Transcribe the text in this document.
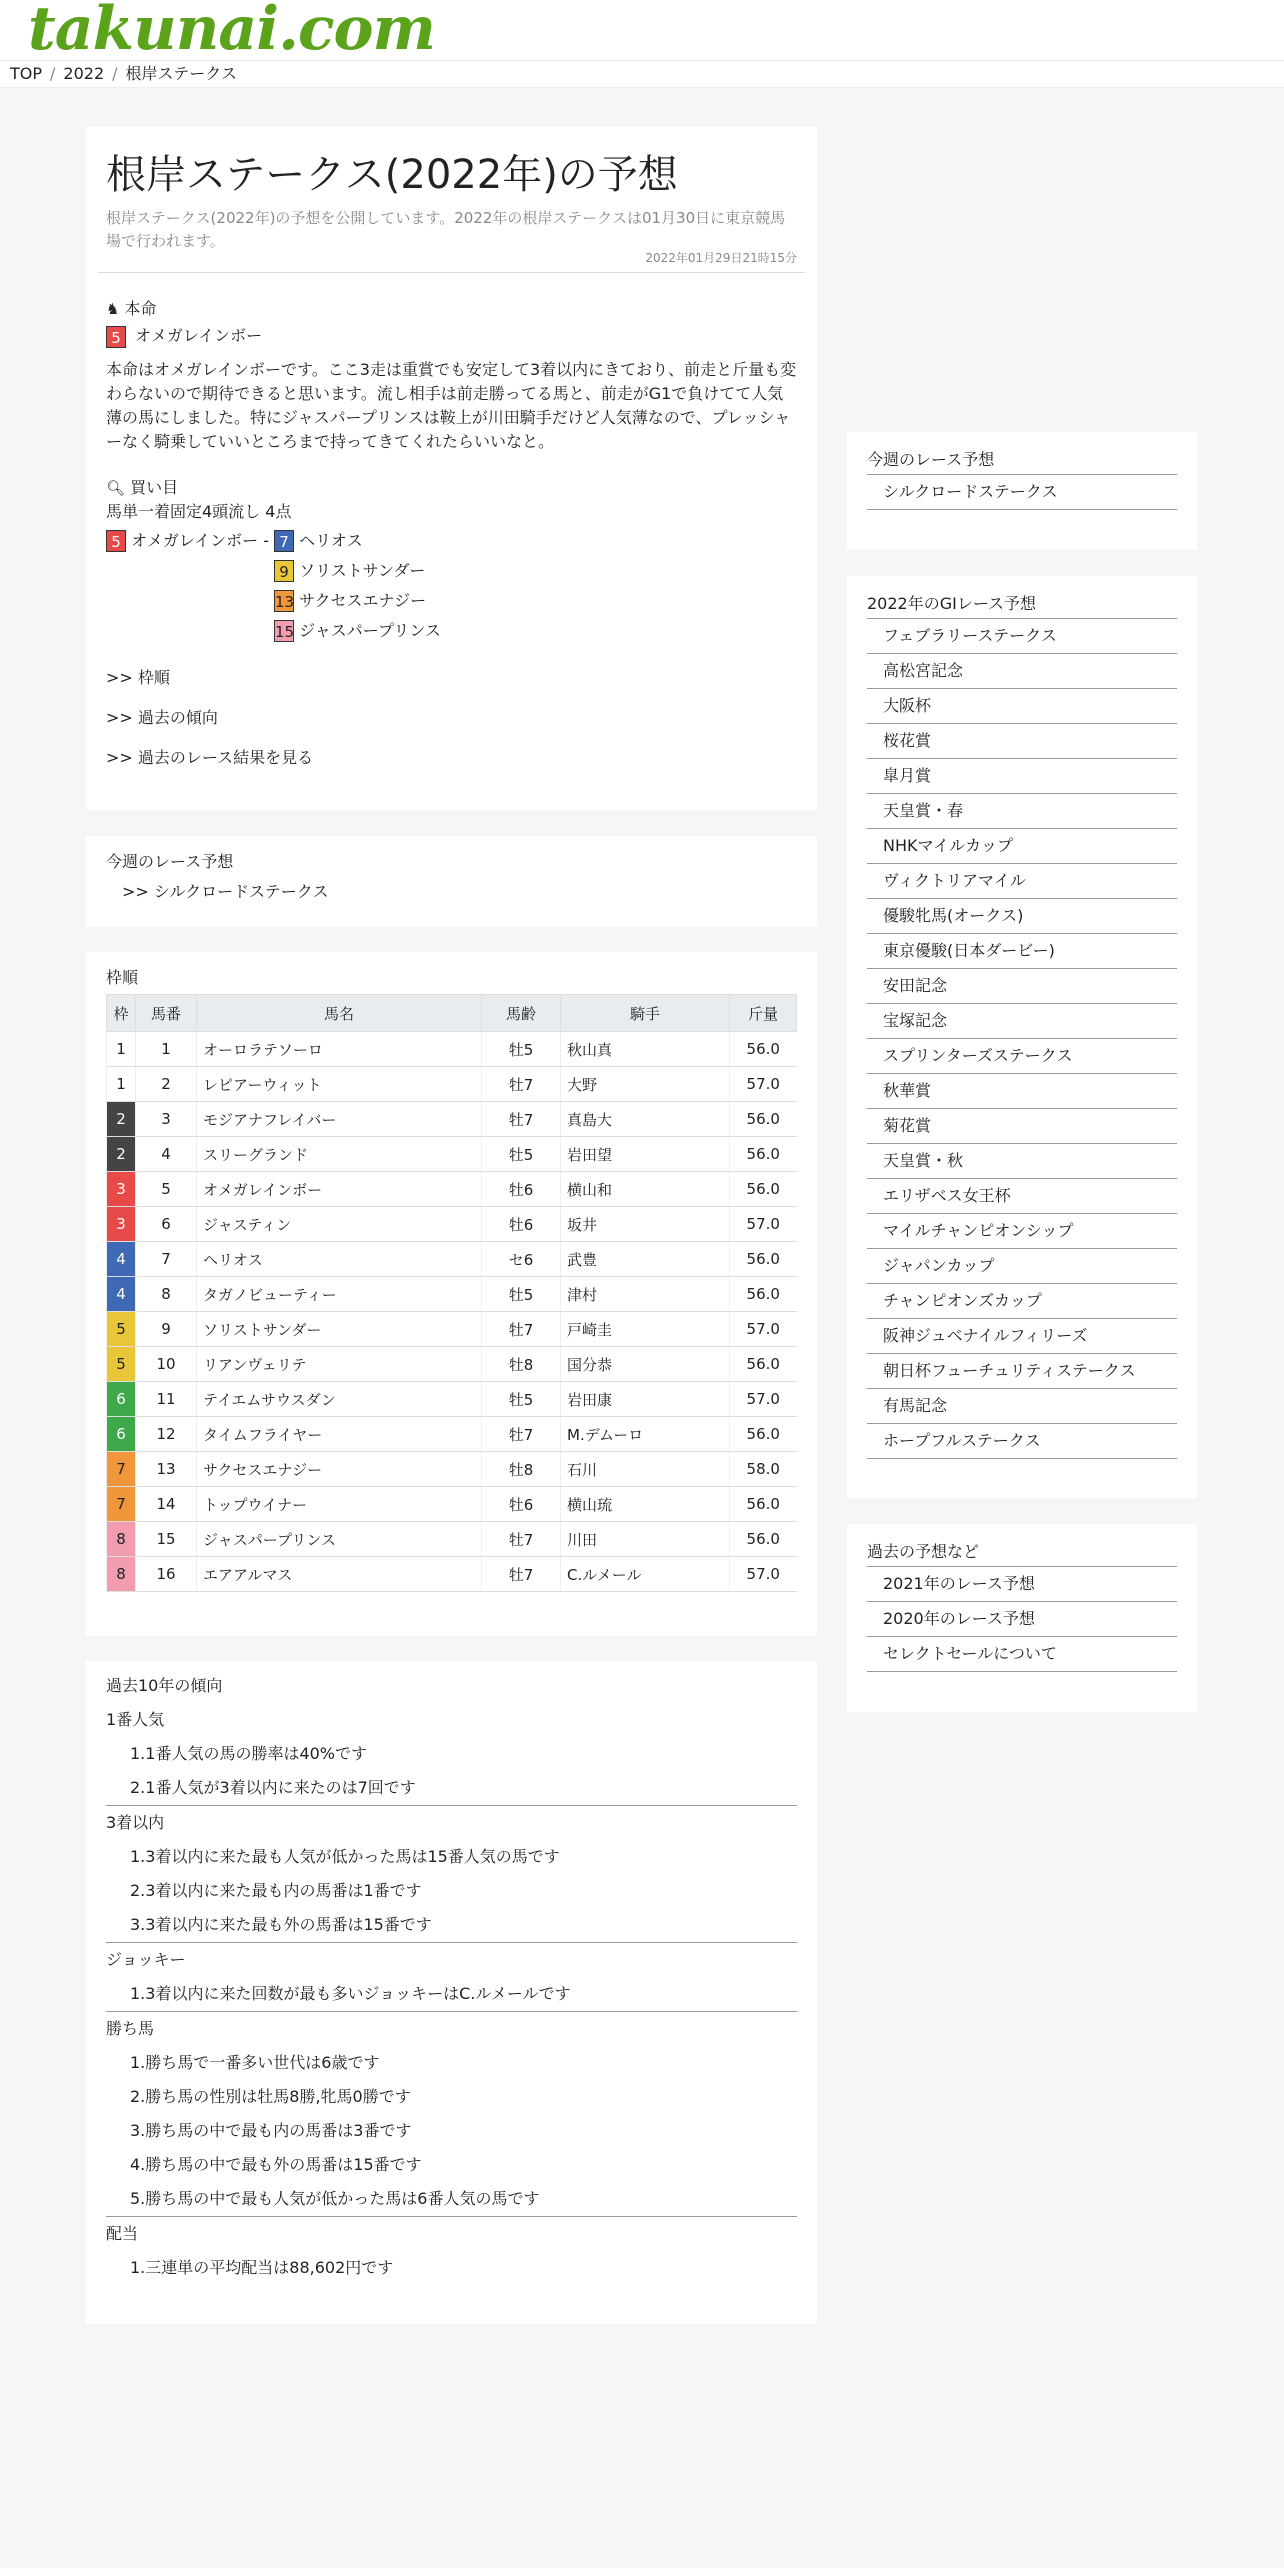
takunai.com
TOP / 2022 / 根岸ステークス
根岸ステークス(2022年)の予想
根岸ステークス(2022年)の予想を公開しています。2022年の根岸ステークスは01月30日に東京競馬場で行われます。
2022年01月29日21時15分
♞ 本命
5 オメガレインボー
本命はオメガレインボーです。ここ3走は重賞でも安定して3着以内にきており、前走と斤量も変わらないので期待できると思います。流し相手は前走勝ってる馬と、前走がG1で負けてて人気薄の馬にしました。特にジャスパープリンスは鞍上が川田騎手だけど人気薄なので、プレッシャーなく騎乗していいところまで持ってきてくれたらいいなと。
🔍︎ 買い目
馬単一着固定4頭流し 4点
5 オメガレインボー - 7 ヘリオス
9 ソリストサンダー
13 サクセスエナジー
15 ジャスパープリンス
>> 枠順
>> 過去の傾向
>> 過去のレース結果を見る
今週のレース予想
>> シルクロードステークス
枠順
枠	馬番	馬名	馬齢	騎手	斤量
1	1	オーロラテソーロ	牡5	秋山真	56.0
1	2	レピアーウィット	牡7	大野	57.0
2	3	モジアナフレイバー	牡7	真島大	56.0
2	4	スリーグランド	牡5	岩田望	56.0
3	5	オメガレインボー	牡6	横山和	56.0
3	6	ジャスティン	牡6	坂井	57.0
4	7	ヘリオス	セ6	武豊	56.0
4	8	タガノビューティー	牡5	津村	56.0
5	9	ソリストサンダー	牡7	戸崎圭	57.0
5	10	リアンヴェリテ	牡8	国分恭	56.0
6	11	テイエムサウスダン	牡5	岩田康	57.0
6	12	タイムフライヤー	牡7	M.デムーロ	56.0
7	13	サクセスエナジー	牡8	石川	58.0
7	14	トップウイナー	牡6	横山琉	56.0
8	15	ジャスパープリンス	牡7	川田	56.0
8	16	エアアルマス	牡7	C.ルメール	57.0
過去10年の傾向
1番人気
1.1番人気の馬の勝率は40%です
2.1番人気が3着以内に来たのは7回です
3着以内
1.3着以内に来た最も人気が低かった馬は15番人気の馬です
2.3着以内に来た最も内の馬番は1番です
3.3着以内に来た最も外の馬番は15番です
ジョッキー
1.3着以内に来た回数が最も多いジョッキーはC.ルメールです
勝ち馬
1.勝ち馬で一番多い世代は6歳です
2.勝ち馬の性別は牡馬8勝,牝馬0勝です
3.勝ち馬の中で最も内の馬番は3番です
4.勝ち馬の中で最も外の馬番は15番です
5.勝ち馬の中で最も人気が低かった馬は6番人気の馬です
配当
1.三連単の平均配当は88,602円です
今週のレース予想
シルクロードステークス
2022年のGⅠレース予想
フェブラリーステークス
高松宮記念
大阪杯
桜花賞
皐月賞
天皇賞・春
NHKマイルカップ
ヴィクトリアマイル
優駿牝馬(オークス)
東京優駿(日本ダービー)
安田記念
宝塚記念
スプリンターズステークス
秋華賞
菊花賞
天皇賞・秋
エリザベス女王杯
マイルチャンピオンシップ
ジャパンカップ
チャンピオンズカップ
阪神ジュベナイルフィリーズ
朝日杯フューチュリティステークス
有馬記念
ホープフルステークス
過去の予想など
2021年のレース予想
2020年のレース予想
セレクトセールについて
